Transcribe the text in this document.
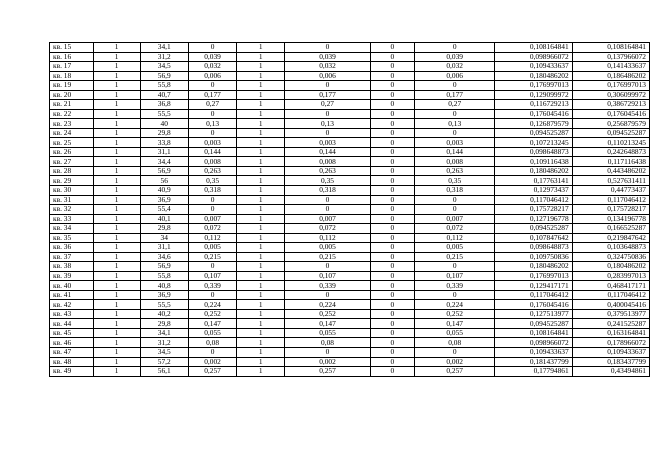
кв. 15	1	34,1	0	1	0	0	0	0,108164841	0,108164841
кв. 16	1	31,2	0,039	1	0,039	0	0,039	0,098966072	0,137966072
кв. 17	1	34,5	0,032	1	0,032	0	0,032	0,109433637	0,141433637
кв. 18	1	56,9	0,006	1	0,006	0	0,006	0,180486202	0,186486202
кв. 19	1	55,8	0	1	0	0	0	0,176997013	0,176997013
кв. 20	1	40,7	0,177	1	0,177	0	0,177	0,129099972	0,306099972
кв. 21	1	36,8	0,27	1	0,27	0	0,27	0,116729213	0,386729213
кв. 22	1	55,5	0	1	0	0	0	0,176045416	0,176045416
кв. 23	1	40	0,13	1	0,13	0	0,13	0,126879579	0,256879579
кв. 24	1	29,8	0	1	0	0	0	0,094525287	0,094525287
кв. 25	1	33,8	0,003	1	0,003	0	0,003	0,107213245	0,110213245
кв. 26	1	31,1	0,144	1	0,144	0	0,144	0,098648873	0,242648873
кв. 27	1	34,4	0,008	1	0,008	0	0,008	0,109116438	0,117116438
кв. 28	1	56,9	0,263	1	0,263	0	0,263	0,180486202	0,443486202
кв. 29	1	56	0,35	1	0,35	0	0,35	0,17763141	0,527631411
кв. 30	1	40,9	0,318	1	0,318	0	0,318	0,12973437	0,44773437
кв. 31	1	36,9	0	1	0	0	0	0,117046412	0,117046412
кв. 32	1	55,4	0	1	0	0	0	0,175728217	0,175728217
кв. 33	1	40,1	0,007	1	0,007	0	0,007	0,127196778	0,134196778
кв. 34	1	29,8	0,072	1	0,072	0	0,072	0,094525287	0,166525287
кв. 35	1	34	0,112	1	0,112	0	0,112	0,107847642	0,219847642
кв. 36	1	31,1	0,005	1	0,005	0	0,005	0,098648873	0,103648873
кв. 37	1	34,6	0,215	1	0,215	0	0,215	0,109750836	0,324750836
кв. 38	1	56,9	0	1	0	0	0	0,180486202	0,180486202
кв. 39	1	55,8	0,107	1	0,107	0	0,107	0,176997013	0,283997013
кв. 40	1	40,8	0,339	1	0,339	0	0,339	0,129417171	0,468417171
кв. 41	1	36,9	0	1	0	0	0	0,117046412	0,117046412
кв. 42	1	55,5	0,224	1	0,224	0	0,224	0,176045416	0,400045416
кв. 43	1	40,2	0,252	1	0,252	0	0,252	0,127513977	0,379513977
кв. 44	1	29,8	0,147	1	0,147	0	0,147	0,094525287	0,241525287
кв. 45	1	34,1	0,055	1	0,055	0	0,055	0,108164841	0,163164841
кв. 46	1	31,2	0,08	1	0,08	0	0,08	0,098966072	0,178966072
кв. 47	1	34,5	0	1	0	0	0	0,109433637	0,109433637
кв. 48	1	57,2	0,002	1	0,002	0	0,002	0,181437799	0,183437799
кв. 49	1	56,1	0,257	1	0,257	0	0,257	0,17794861	0,43494861
